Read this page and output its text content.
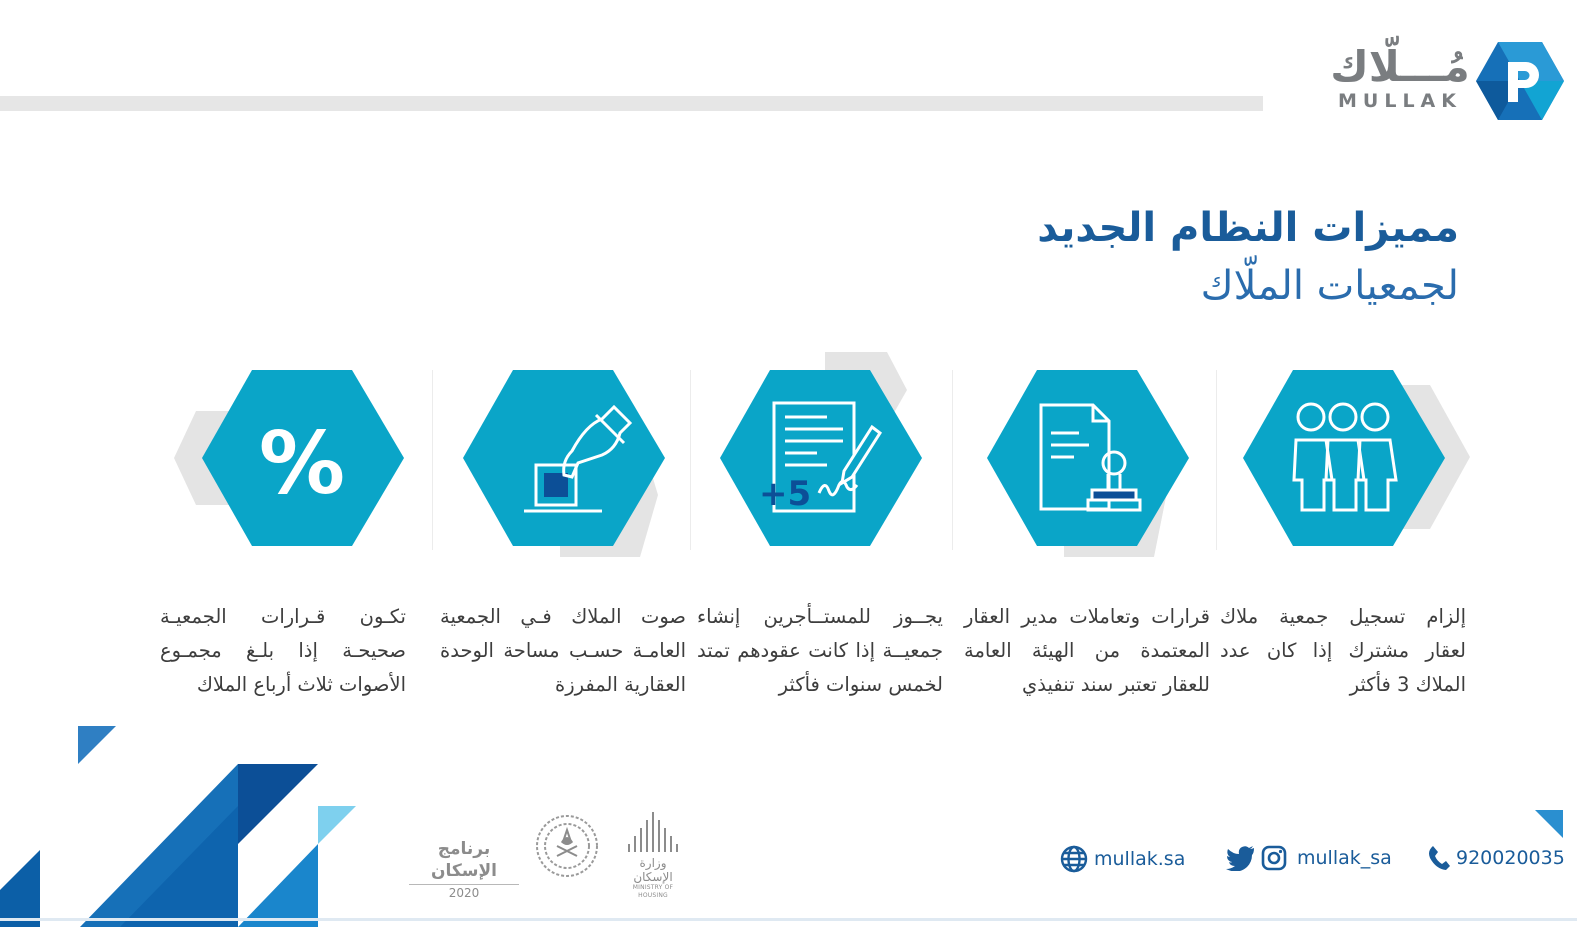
مُـــلّاك
MULLAK
مميزات النظام الجديد
لجمعيات الملّاك
إلزام تسجيل جمعية ملاك لعقار مشترك إذا كان عدد الملاك 3 فأكثر
قرارات وتعاملات مدير العقار المعتمدة من الهيئة العامة للعقار تعتبر سند تنفيذي
+5
يجــوز للمستــأجرين إنشاء جمعيــة إذا كانت عقودهم تمتد لخمس سنوات فأكثر
صوت الملاك فـي الجمعية العامـة حسـب مساحة الوحدة العقارية المفرزة
%
تكـون قـرارات الجمعيـة صحيحـة إذا بلـغ مجمـوع الأصوات ثلاث أرباع الملاك
برنامج الإسكان
2020
وزارة الإسكان
MINISTRY OF HOUSING
mullak.sa	mullak_sa	920020035
